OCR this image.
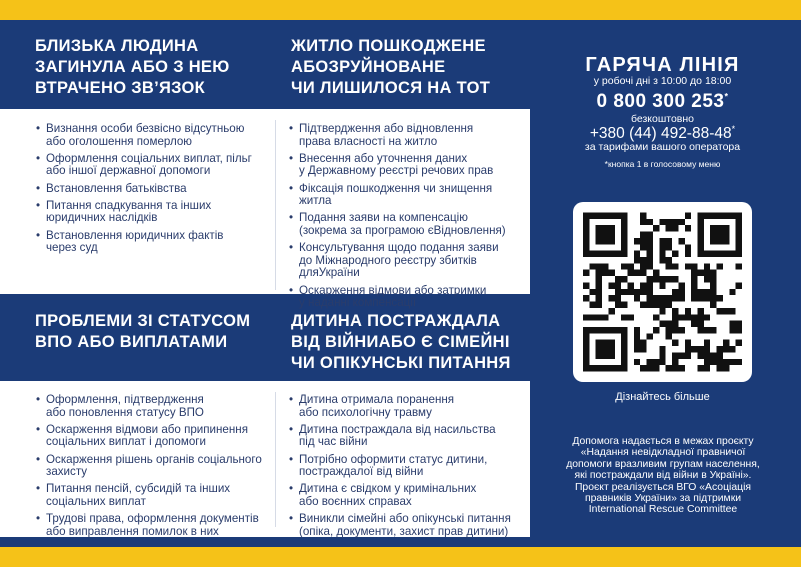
БЛИЗЬКА ЛЮДИНА
ЗАГИНУЛА АБО З НЕЮ
ВТРАЧЕНО ЗВ’ЯЗОК
ЖИТЛО ПОШКОДЖЕНЕ
АБОЗРУЙНОВАНЕ
ЧИ ЛИШИЛОСЯ НА ТОТ
• Визнання особи безвісно відсутньою
або оголошення померлою
• Оформлення соціальних виплат, пільг
або іншої державної допомоги
• Встановлення батьківства
• Питання спадкування та інших
юридичних наслідків
• Встановлення юридичних фактів
через суд
• Підтвердження або відновлення
права власності на житло
• Внесення або уточнення даних
у Державному реєстрі речових прав
• Фіксація пошкодження чи знищення
житла
• Подання заяви на компенсацію
(зокрема за програмою єВідновлення)
• Консультування щодо подання заяви
до Міжнародного реєстру збитків
дляУкраїни
• Оскарження відмови або затримки
у наданні компенсації
ПРОБЛЕМИ ЗІ СТАТУСОМ
ВПО АБО ВИПЛАТАМИ
ДИТИНА ПОСТРАЖДАЛА
ВІД ВІЙНИАБО Є СІМЕЙНІ
ЧИ ОПІКУНСЬКІ ПИТАННЯ
• Оформлення, підтвердження
або поновлення статусу ВПО
• Оскарження відмови або припинення
соціальних виплат і допомоги
• Оскарження рішень органів соціального
захисту
• Питання пенсій, субсидій та інших
соціальних виплат
• Трудові права, оформлення документів
або виправлення помилок в них
• Дитина отримала поранення
або психологічну травму
• Дитина постраждала від насильства
під час війни
• Потрібно оформити статус дитини,
постраждалої від війни
• Дитина є свідком у кримінальних
або воєнних справах
• Виникли сімейні або опікунські питання
(опіка, документи, захист прав дитини)
ГАРЯЧА ЛІНІЯ
у робочі дні з 10:00 до 18:00
0 800 300 253*
безкоштовно
+380 (44) 492-88-48*
за тарифами вашого оператора
*кнопка 1 в голосовому меню
Дізнайтесь більше
Допомога надається в межах проєкту
«Надання невідкладної правничої
допомоги вразливим групам населення,
які постраждали від війни в Україні».
Проєкт реалізується ВГО «Асоціація
правників України» за підтримки
International Rescue Committee
